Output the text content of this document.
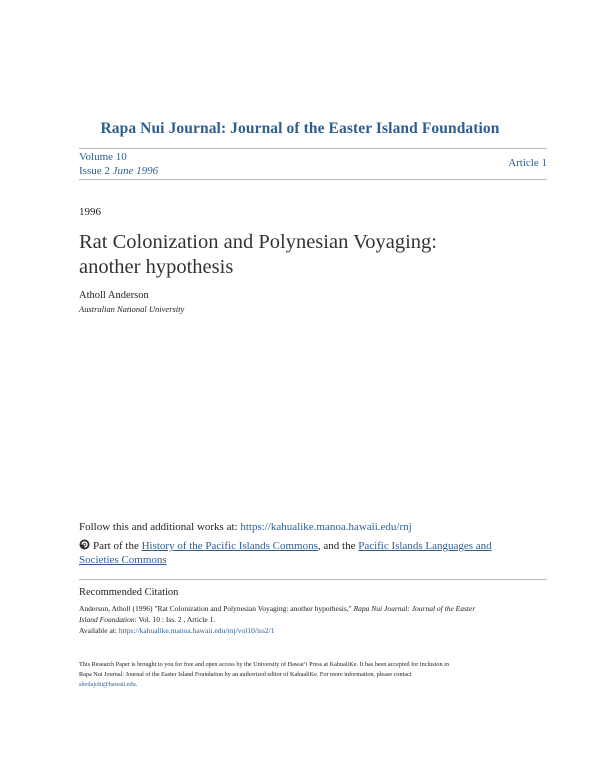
Rapa Nui Journal: Journal of the Easter Island Foundation
Volume 10
Issue 2 June 1996
Article 1
1996
Rat Colonization and Polynesian Voyaging:
another hypothesis
Atholl Anderson
Australian National University
Follow this and additional works at: https://kahualike.manoa.hawaii.edu/rnj
Part of the History of the Pacific Islands Commons, and the Pacific Islands Languages and
Societies Commons
Recommended Citation
Anderson, Atholl (1996) "Rat Colonization and Polynesian Voyaging: another hypothesis," Rapa Nui Journal: Journal of the Easter
Island Foundation: Vol. 10 : Iss. 2 , Article 1.
Available at: https://kahualike.manoa.hawaii.edu/rnj/vol10/iss2/1
This Research Paper is brought to you for free and open access by the University of Hawaiʻi Press at KahualiKe. It has been accepted for inclusion in
Rapa Nui Journal: Journal of the Easter Island Foundation by an authorized editor of KahualiKe. For more information, please contact
sheilajohi@hawaii.edu.
